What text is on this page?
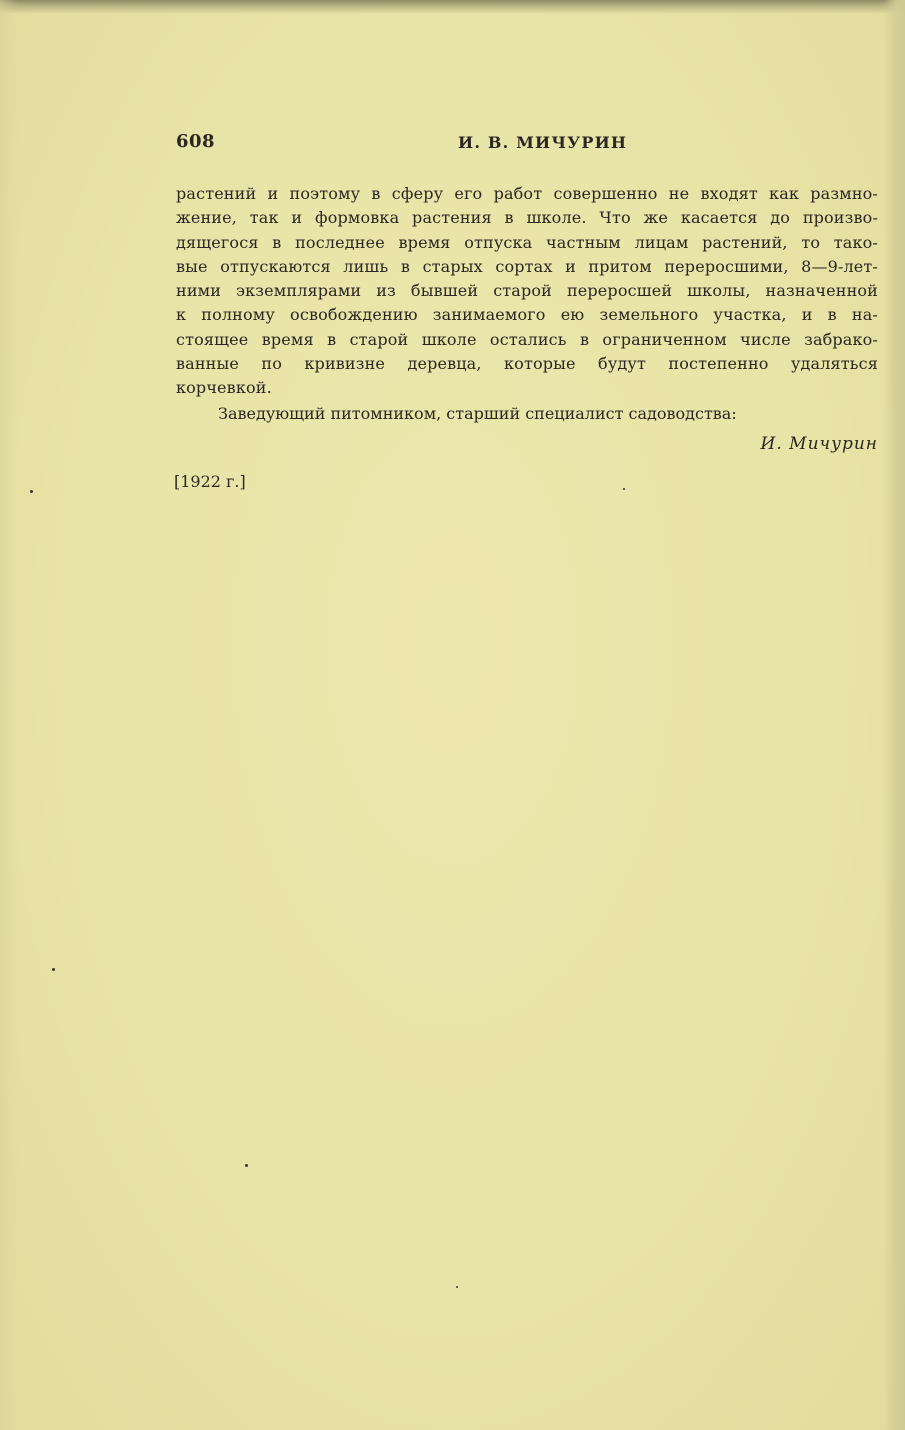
608	И. В. МИЧУРИН
растений и поэтому в сферу его работ совершенно не входят как размно-
жение, так и формовка растения в школе. Что же касается до произво-
дящегося в последнее время отпуска частным лицам растений, то тако-
вые отпускаются лишь в старых сортах и притом переросшими, 8—9-лет-
ними экземплярами из бывшей старой переросшей школы, назначенной
к полному освобождению занимаемого ею земельного участка, и в на-
стоящее время в старой школе остались в ограниченном числе забрако-
ванные по кривизне деревца, которые будут постепенно удаляться
корчевкой.
Заведующий питомником, старший специалист садоводства:
И. Мичурин
[1922 г.]
